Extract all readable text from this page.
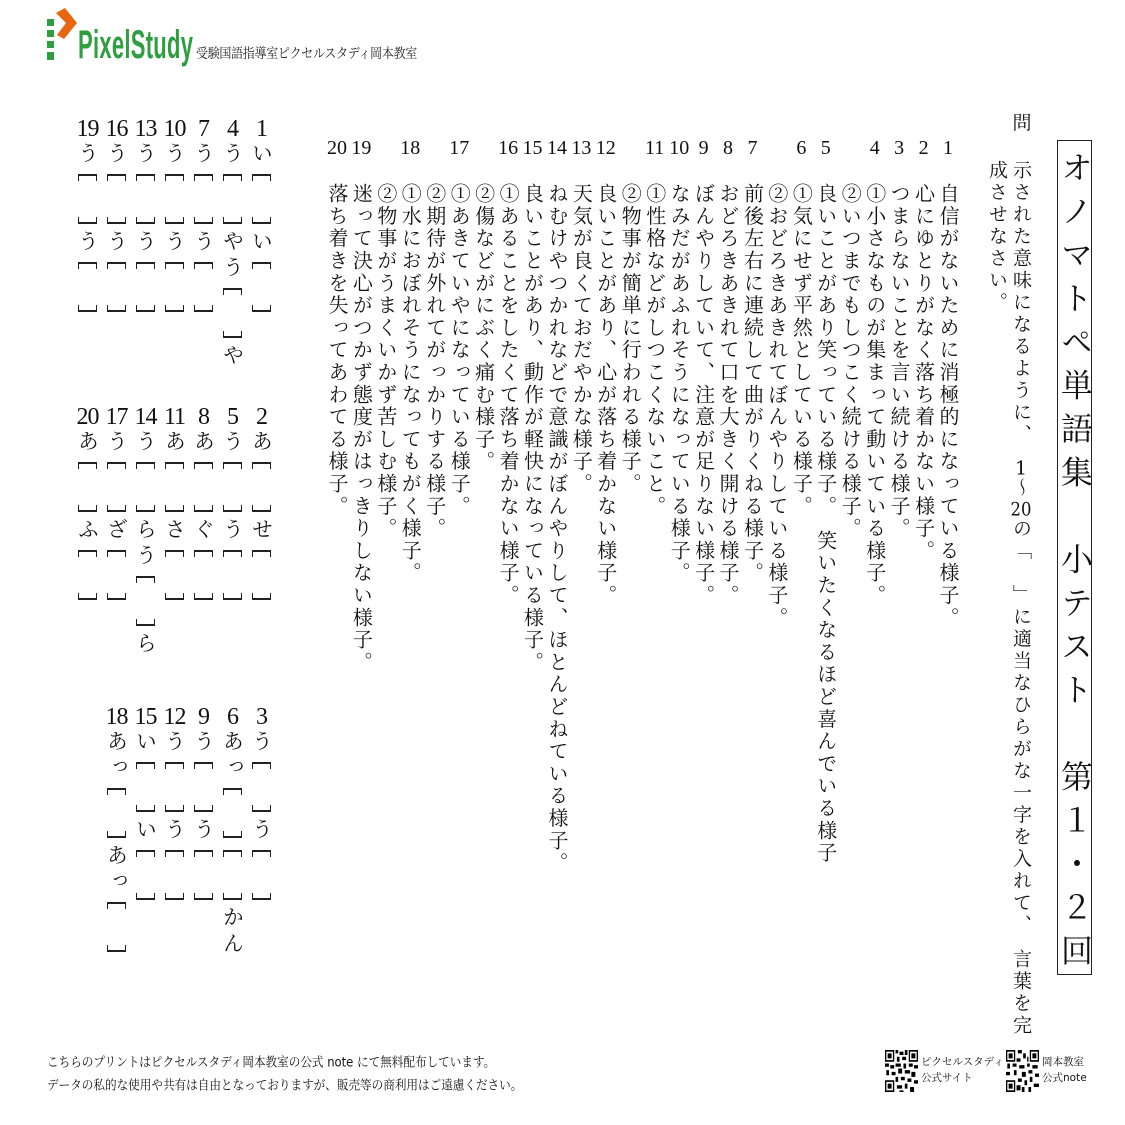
PixelStudy 受験国語指導室ピクセルスタディ岡本教室
オノマトペ単語集　小テスト　第１・２回
問
示された意味になるように、　1～20の「　」に適当なひらがな一字を入れて、　言葉を完
成させなさい。
1
2
3
4
5
6
7
8
9
10
11
12
13
14
15
16
17
18
19
20
自信がないために消極的になっている様子。
心にゆとりがなく落ち着かない様子。
つまらないことを言い続ける様子。
①小さなものが集まって動いている様子。
②いつまでもしつこく続ける様子。
良いことがあり笑っている様子。　笑いたくなるほど喜んでいる様子
①気にせず平然としている様子。
②おどろきあきれてぼんやりしている様子。
前後左右に連続して曲がりくねる様子。
おどろきあきれて口を大きく開ける様子。
ぼんやりしていて、注意が足りない様子。
なみだがあふれそうになっている様子。
①性格などがしつこくないこと。
②物事が簡単に行われる様子。
良いことがあり、心が落ち着かない様子。
天気が良くておだやかな様子。
ねむけやつかれなどで意識がぼんやりして、ほとんどねている様子。
良いことがあり、動作が軽快になっている様子。
①あることをしたくて落ち着かない様子。
②傷などがにぶく痛む様子。
①あきていやになっている様子。
②期待が外れてがっかりする様子。
①水におぼれそうになってもがく様子。
②物事がうまくいかず苦しむ様子。
迷って決心がつかず態度がはっきりしない様子。
落ち着きを失ってあわてる様子。
1
い
い
4
う
やう
や
7
う
う
10
う
う
13
う
う
16
う
う
19
う
う
2
あ
せ
5
う
う
8
あ
ぐ
11
あ
さ
14
う
らう
ら
17
う
ざ
20
あ
ふ
3
う
う
6
あっ
かん
9
う
う
12
う
う
15
い
い
18
あっ
あっ
こちらのプリントはピクセルスタディ岡本教室の公式 note にて無料配布しています。
データの私的な使用や共有は自由となっておりますが、販売等の商利用はご遠慮ください。
ピクセルスタディ
公式サイト
岡本教室
公式note
